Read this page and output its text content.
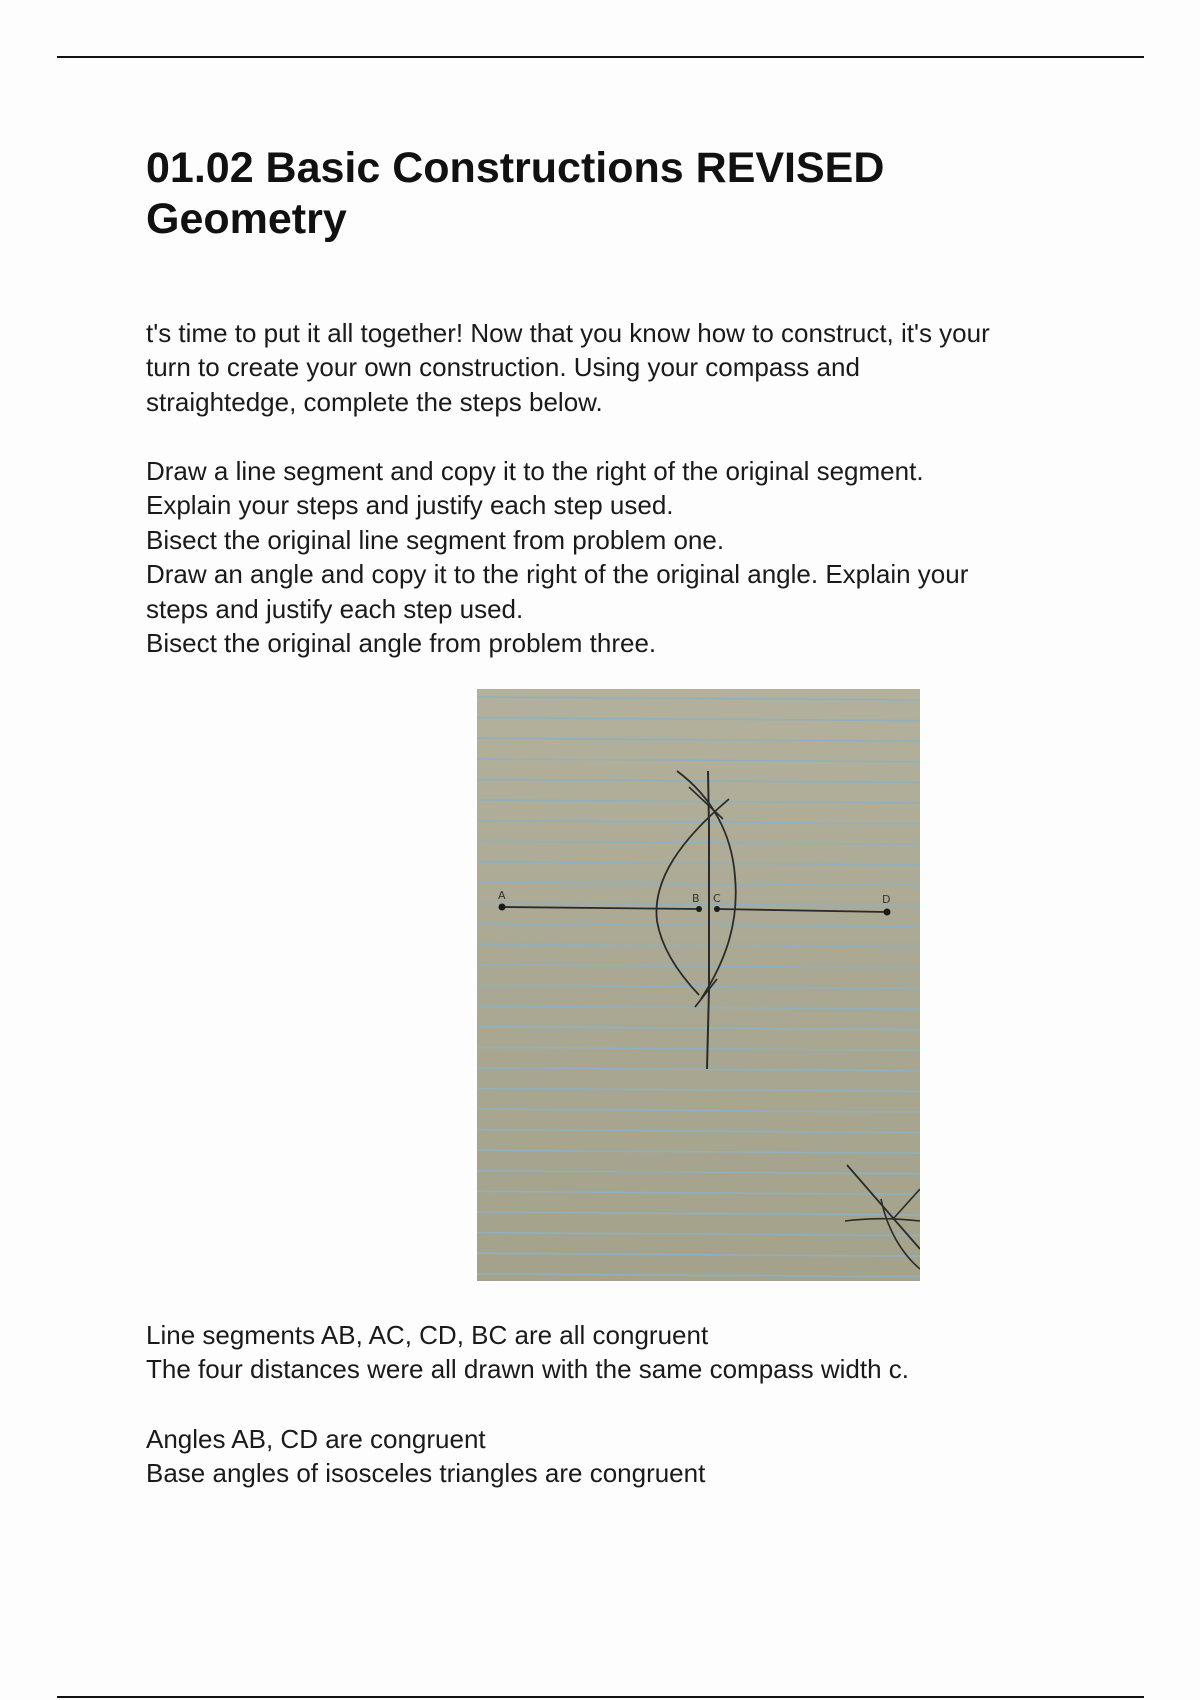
01.02 Basic Constructions REVISED
Geometry

t's time to put it all together! Now that you know how to construct, it's your
turn to create your own construction. Using your compass and
straightedge, complete the steps below.

Draw a line segment and copy it to the right of the original segment.
Explain your steps and justify each step used.
Bisect the original line segment from problem one.
Draw an angle and copy it to the right of the original angle. Explain your
steps and justify each step used.
Bisect the original angle from problem three.

A	B C	D

Line segments AB, AC, CD, BC are all congruent
The four distances were all drawn with the same compass width c.

Angles AB, CD are congruent
Base angles of isosceles triangles are congruent
